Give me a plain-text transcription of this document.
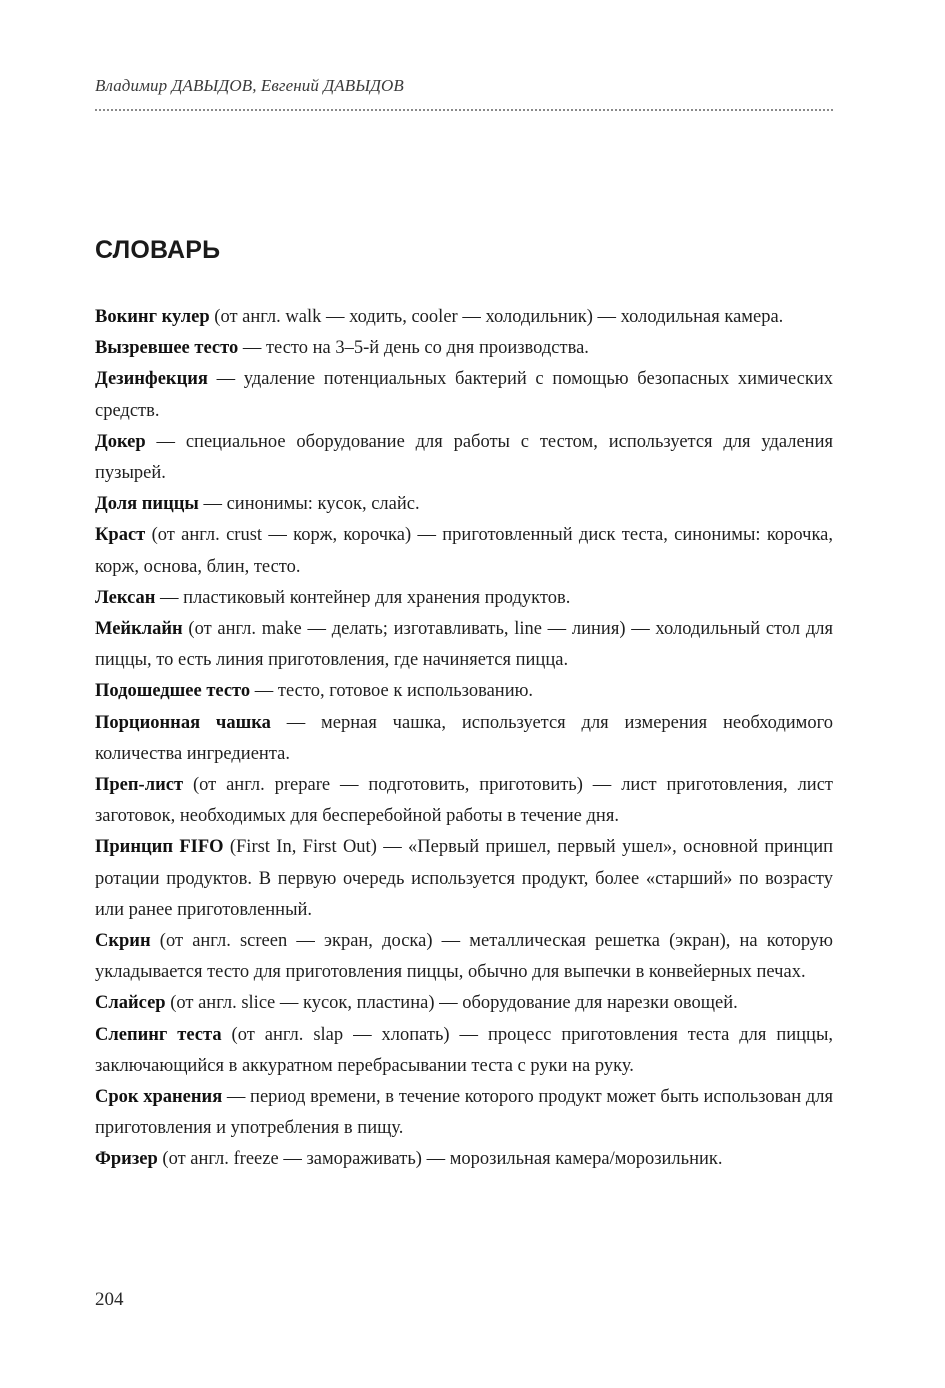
Владимир ДАВЫДОВ, Евгений ДАВЫДОВ
СЛОВАРЬ
Вокинг кулер (от англ. walk — ходить, cooler — холодильник) — холодильная камера.
Вызревшее тесто — тесто на 3–5-й день со дня производства.
Дезинфекция — удаление потенциальных бактерий с помощью безопасных химических средств.
Докер — специальное оборудование для работы с тестом, используется для удаления пузырей.
Доля пиццы — синонимы: кусок, слайс.
Краст (от англ. crust — корж, корочка) — приготовленный диск теста, синонимы: корочка, корж, основа, блин, тесто.
Лексан — пластиковый контейнер для хранения продуктов.
Мейклайн (от англ. make — делать; изготавливать, line — линия) — холодильный стол для пиццы, то есть линия приготовления, где начиняется пицца.
Подошедшее тесто — тесто, готовое к использованию.
Порционная чашка — мерная чашка, используется для измерения необходимого количества ингредиента.
Преп-лист (от англ. prepare — подготовить, приготовить) — лист приготовления, лист заготовок, необходимых для бесперебойной работы в течение дня.
Принцип FIFO (First In, First Out) — «Первый пришел, первый ушел», основной принцип ротации продуктов. В первую очередь используется продукт, более «старший» по возрасту или ранее приготовленный.
Скрин (от англ. screen — экран, доска) — металлическая решетка (экран), на которую укладывается тесто для приготовления пиццы, обычно для выпечки в конвейерных печах.
Слайсер (от англ. slice — кусок, пластина) — оборудование для нарезки овощей.
Слепинг теста (от англ. slap — хлопать) — процесс приготовления теста для пиццы, заключающийся в аккуратном перебрасывании теста с руки на руку.
Срок хранения — период времени, в течение которого продукт может быть использован для приготовления и употребления в пищу.
Фризер (от англ. freeze — замораживать) — морозильная камера/морозильник.
204
